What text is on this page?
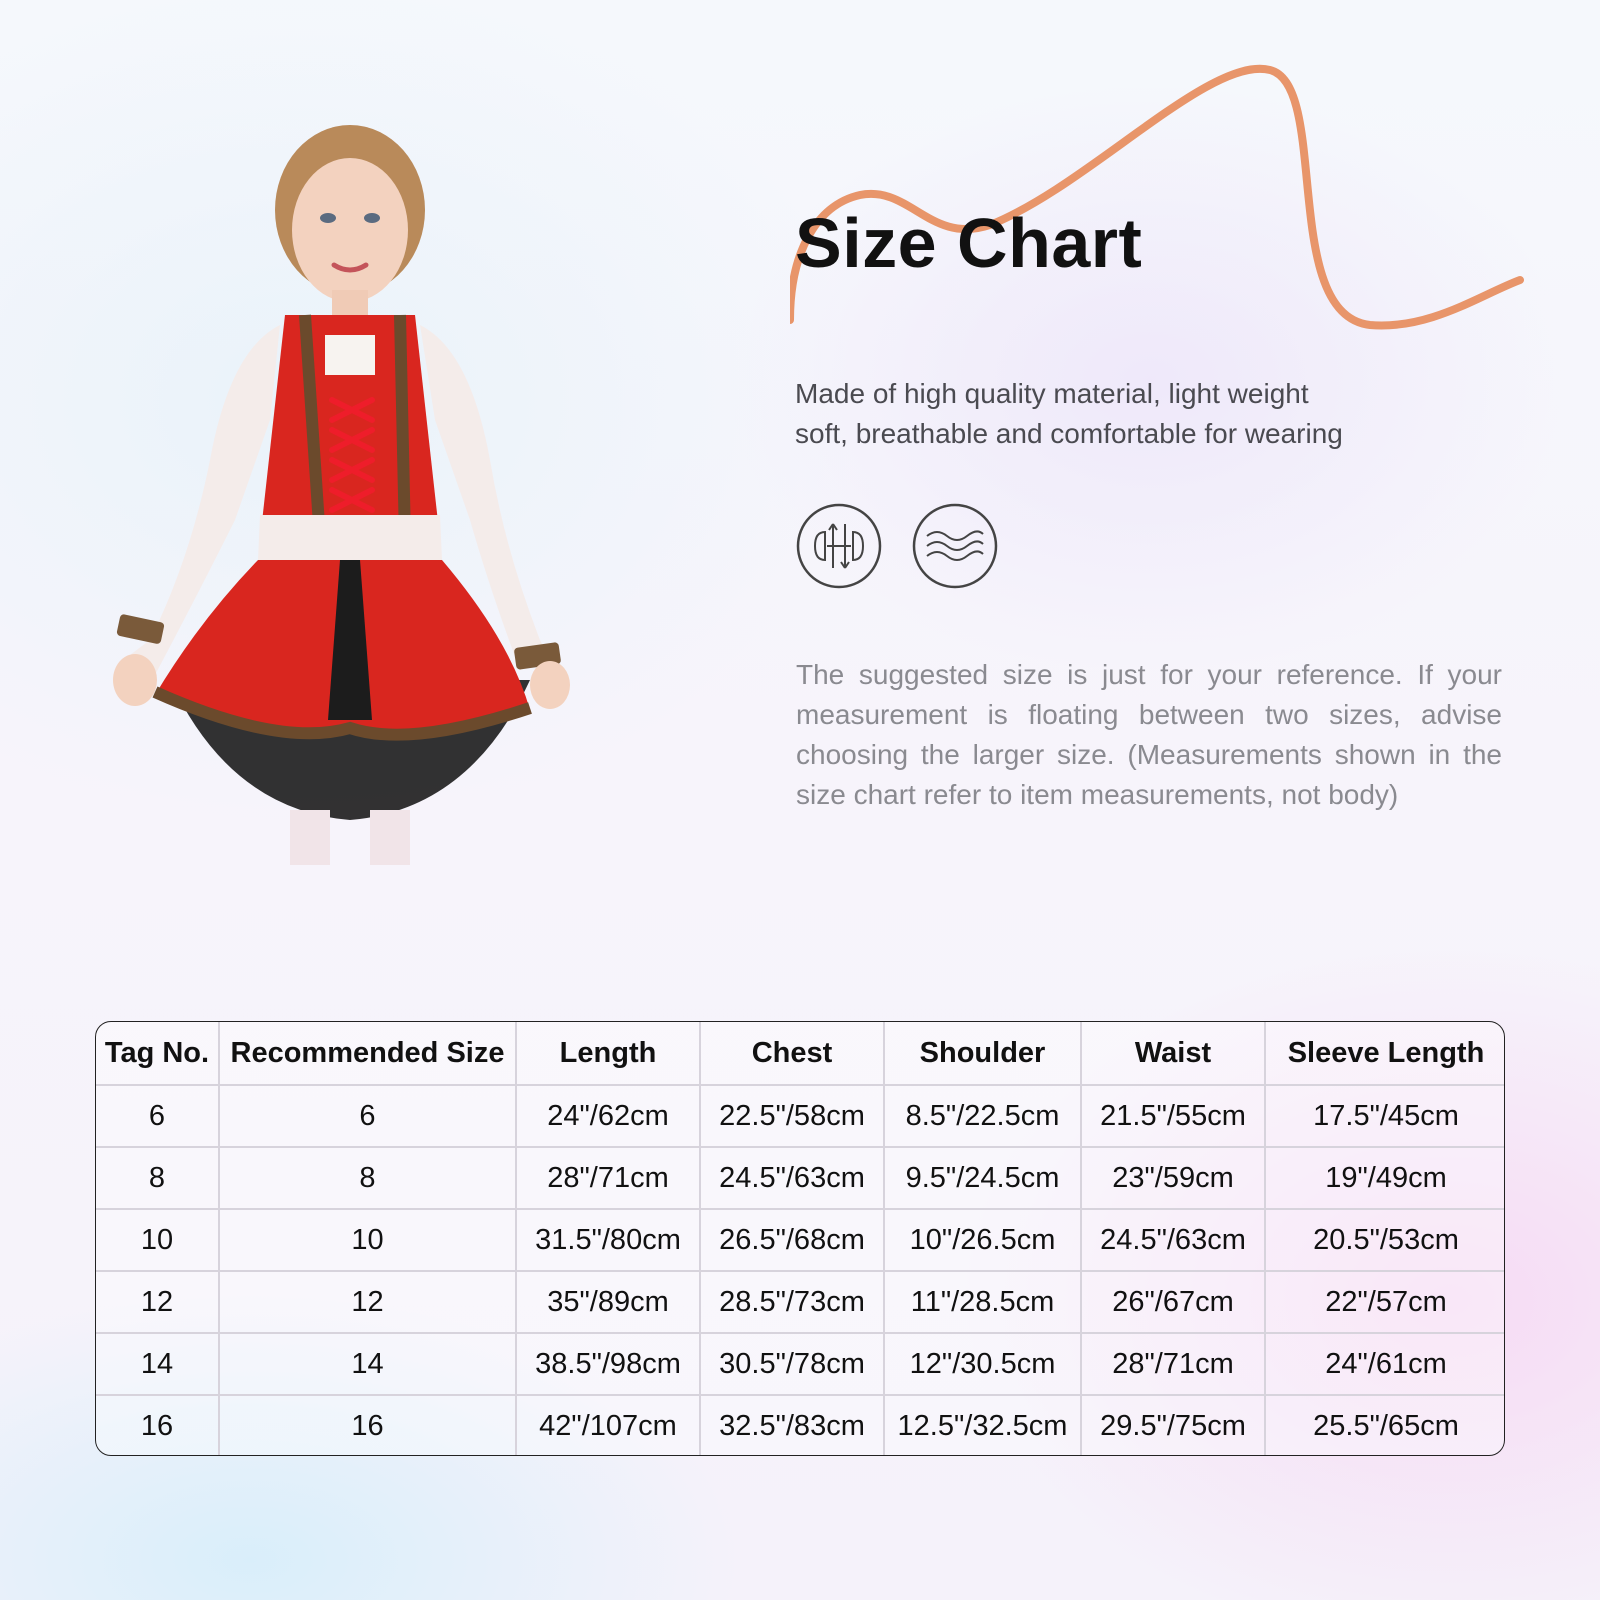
Size Chart
Made of high quality material, light weight
soft, breathable and comfortable for wearing
The suggested size is just for your reference. If your measurement is floating between two sizes, advise choosing the larger size. (Measurements shown in the size chart refer to item measurements, not body)
Tag No.	Recommended Size	Length	Chest	Shoulder	Waist	Sleeve Length
6	6	24"/62cm	22.5"/58cm	8.5"/22.5cm	21.5"/55cm	17.5"/45cm
8	8	28"/71cm	24.5"/63cm	9.5"/24.5cm	23"/59cm	19"/49cm
10	10	31.5"/80cm	26.5"/68cm	10"/26.5cm	24.5"/63cm	20.5"/53cm
12	12	35"/89cm	28.5"/73cm	11"/28.5cm	26"/67cm	22"/57cm
14	14	38.5"/98cm	30.5"/78cm	12"/30.5cm	28"/71cm	24"/61cm
16	16	42"/107cm	32.5"/83cm	12.5"/32.5cm	29.5"/75cm	25.5"/65cm
